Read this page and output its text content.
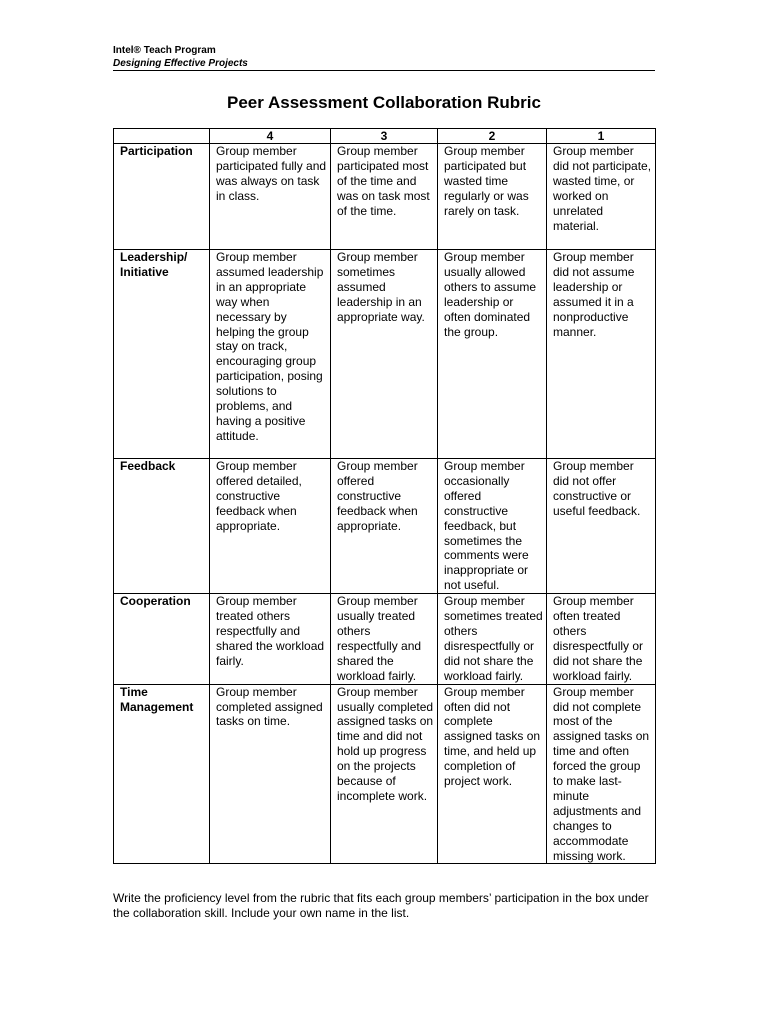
Intel® Teach Program
Designing Effective Projects
Peer Assessment Collaboration Rubric
	4	3	2	1
Participation	Group member participated fully and was always on task in class.	Group member participated most of the time and was on task most of the time.	Group member participated but wasted time regularly or was rarely on task.	Group member did not participate, wasted time, or worked on unrelated material.
Leadership/ Initiative	Group member assumed leadership in an appropriate way when necessary by helping the group stay on track, encouraging group participation, posing solutions to problems, and having a positive attitude.	Group member sometimes assumed leadership in an appropriate way.	Group member usually allowed others to assume leadership or often dominated the group.	Group member did not assume leadership or assumed it in a nonproductive manner.
Feedback	Group member offered detailed, constructive feedback when appropriate.	Group member offered constructive feedback when appropriate.	Group member occasionally offered constructive feedback, but sometimes the comments were inappropriate or not useful.	Group member did not offer constructive or useful feedback.
Cooperation	Group member treated others respectfully and shared the workload fairly.	Group member usually treated others respectfully and shared the workload fairly.	Group member sometimes treated others disrespectfully or did not share the workload fairly.	Group member often treated others disrespectfully or did not share the workload fairly.
Time Management	Group member completed assigned tasks on time.	Group member usually completed assigned tasks on time and did not hold up progress on the projects because of incomplete work.	Group member often did not complete assigned tasks on time, and held up completion of project work.	Group member did not complete most of the assigned tasks on time and often forced the group to make last-minute adjustments and changes to accommodate missing work.
Write the proficiency level from the rubric that fits each group members’ participation in the box under the collaboration skill. Include your own name in the list.
